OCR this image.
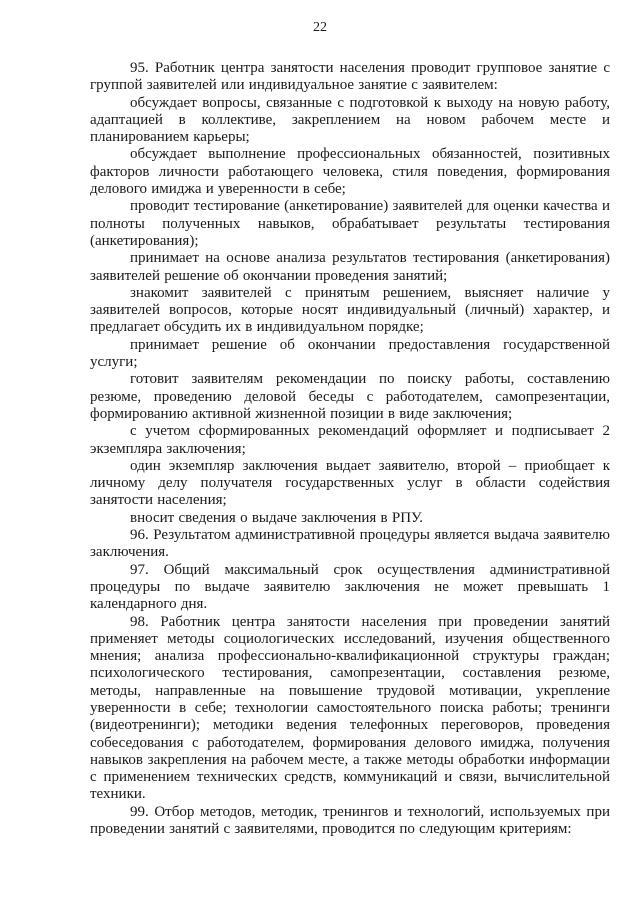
22

95. Работник центра занятости населения проводит групповое занятие с группой заявителей или индивидуальное занятие с заявителем:

обсуждает вопросы, связанные с подготовкой к выходу на новую работу, адаптацией в коллективе, закреплением на новом рабочем месте и планированием карьеры;

обсуждает выполнение профессиональных обязанностей, позитивных факторов личности работающего человека, стиля поведения, формирования делового имиджа и уверенности в себе;

проводит тестирование (анкетирование) заявителей для оценки качества и полноты полученных навыков, обрабатывает результаты тестирования (анкетирования);

принимает на основе анализа результатов тестирования (анкетирования) заявителей решение об окончании проведения занятий;

знакомит заявителей с принятым решением, выясняет наличие у заявителей вопросов, которые носят индивидуальный (личный) характер, и предлагает обсудить их в индивидуальном порядке;

принимает решение об окончании предоставления государственной услуги;

готовит заявителям рекомендации по поиску работы, составлению резюме, проведению деловой беседы с работодателем, самопрезентации, формированию активной жизненной позиции в виде заключения;

с учетом сформированных рекомендаций оформляет и подписывает 2 экземпляра заключения;

один экземпляр заключения выдает заявителю, второй – приобщает к личному делу получателя государственных услуг в области содействия занятости населения;

вносит сведения о выдаче заключения в РПУ.

96. Результатом административной процедуры является выдача заявителю заключения.

97. Общий максимальный срок осуществления административной процедуры по выдаче заявителю заключения не может превышать 1 календарного дня.

98. Работник центра занятости населения при проведении занятий применяет методы социологических исследований, изучения общественного мнения; анализа профессионально-квалификационной структуры граждан; психологического тестирования, самопрезентации, составления резюме, методы, направленные на повышение трудовой мотивации, укрепление уверенности в себе; технологии самостоятельного поиска работы; тренинги (видеотренинги); методики ведения телефонных переговоров, проведения собеседования с работодателем, формирования делового имиджа, получения навыков закрепления на рабочем месте, а также методы обработки информации с применением технических средств, коммуникаций и связи, вычислительной техники.

99. Отбор методов, методик, тренингов и технологий, используемых при проведении занятий с заявителями, проводится по следующим критериям:
